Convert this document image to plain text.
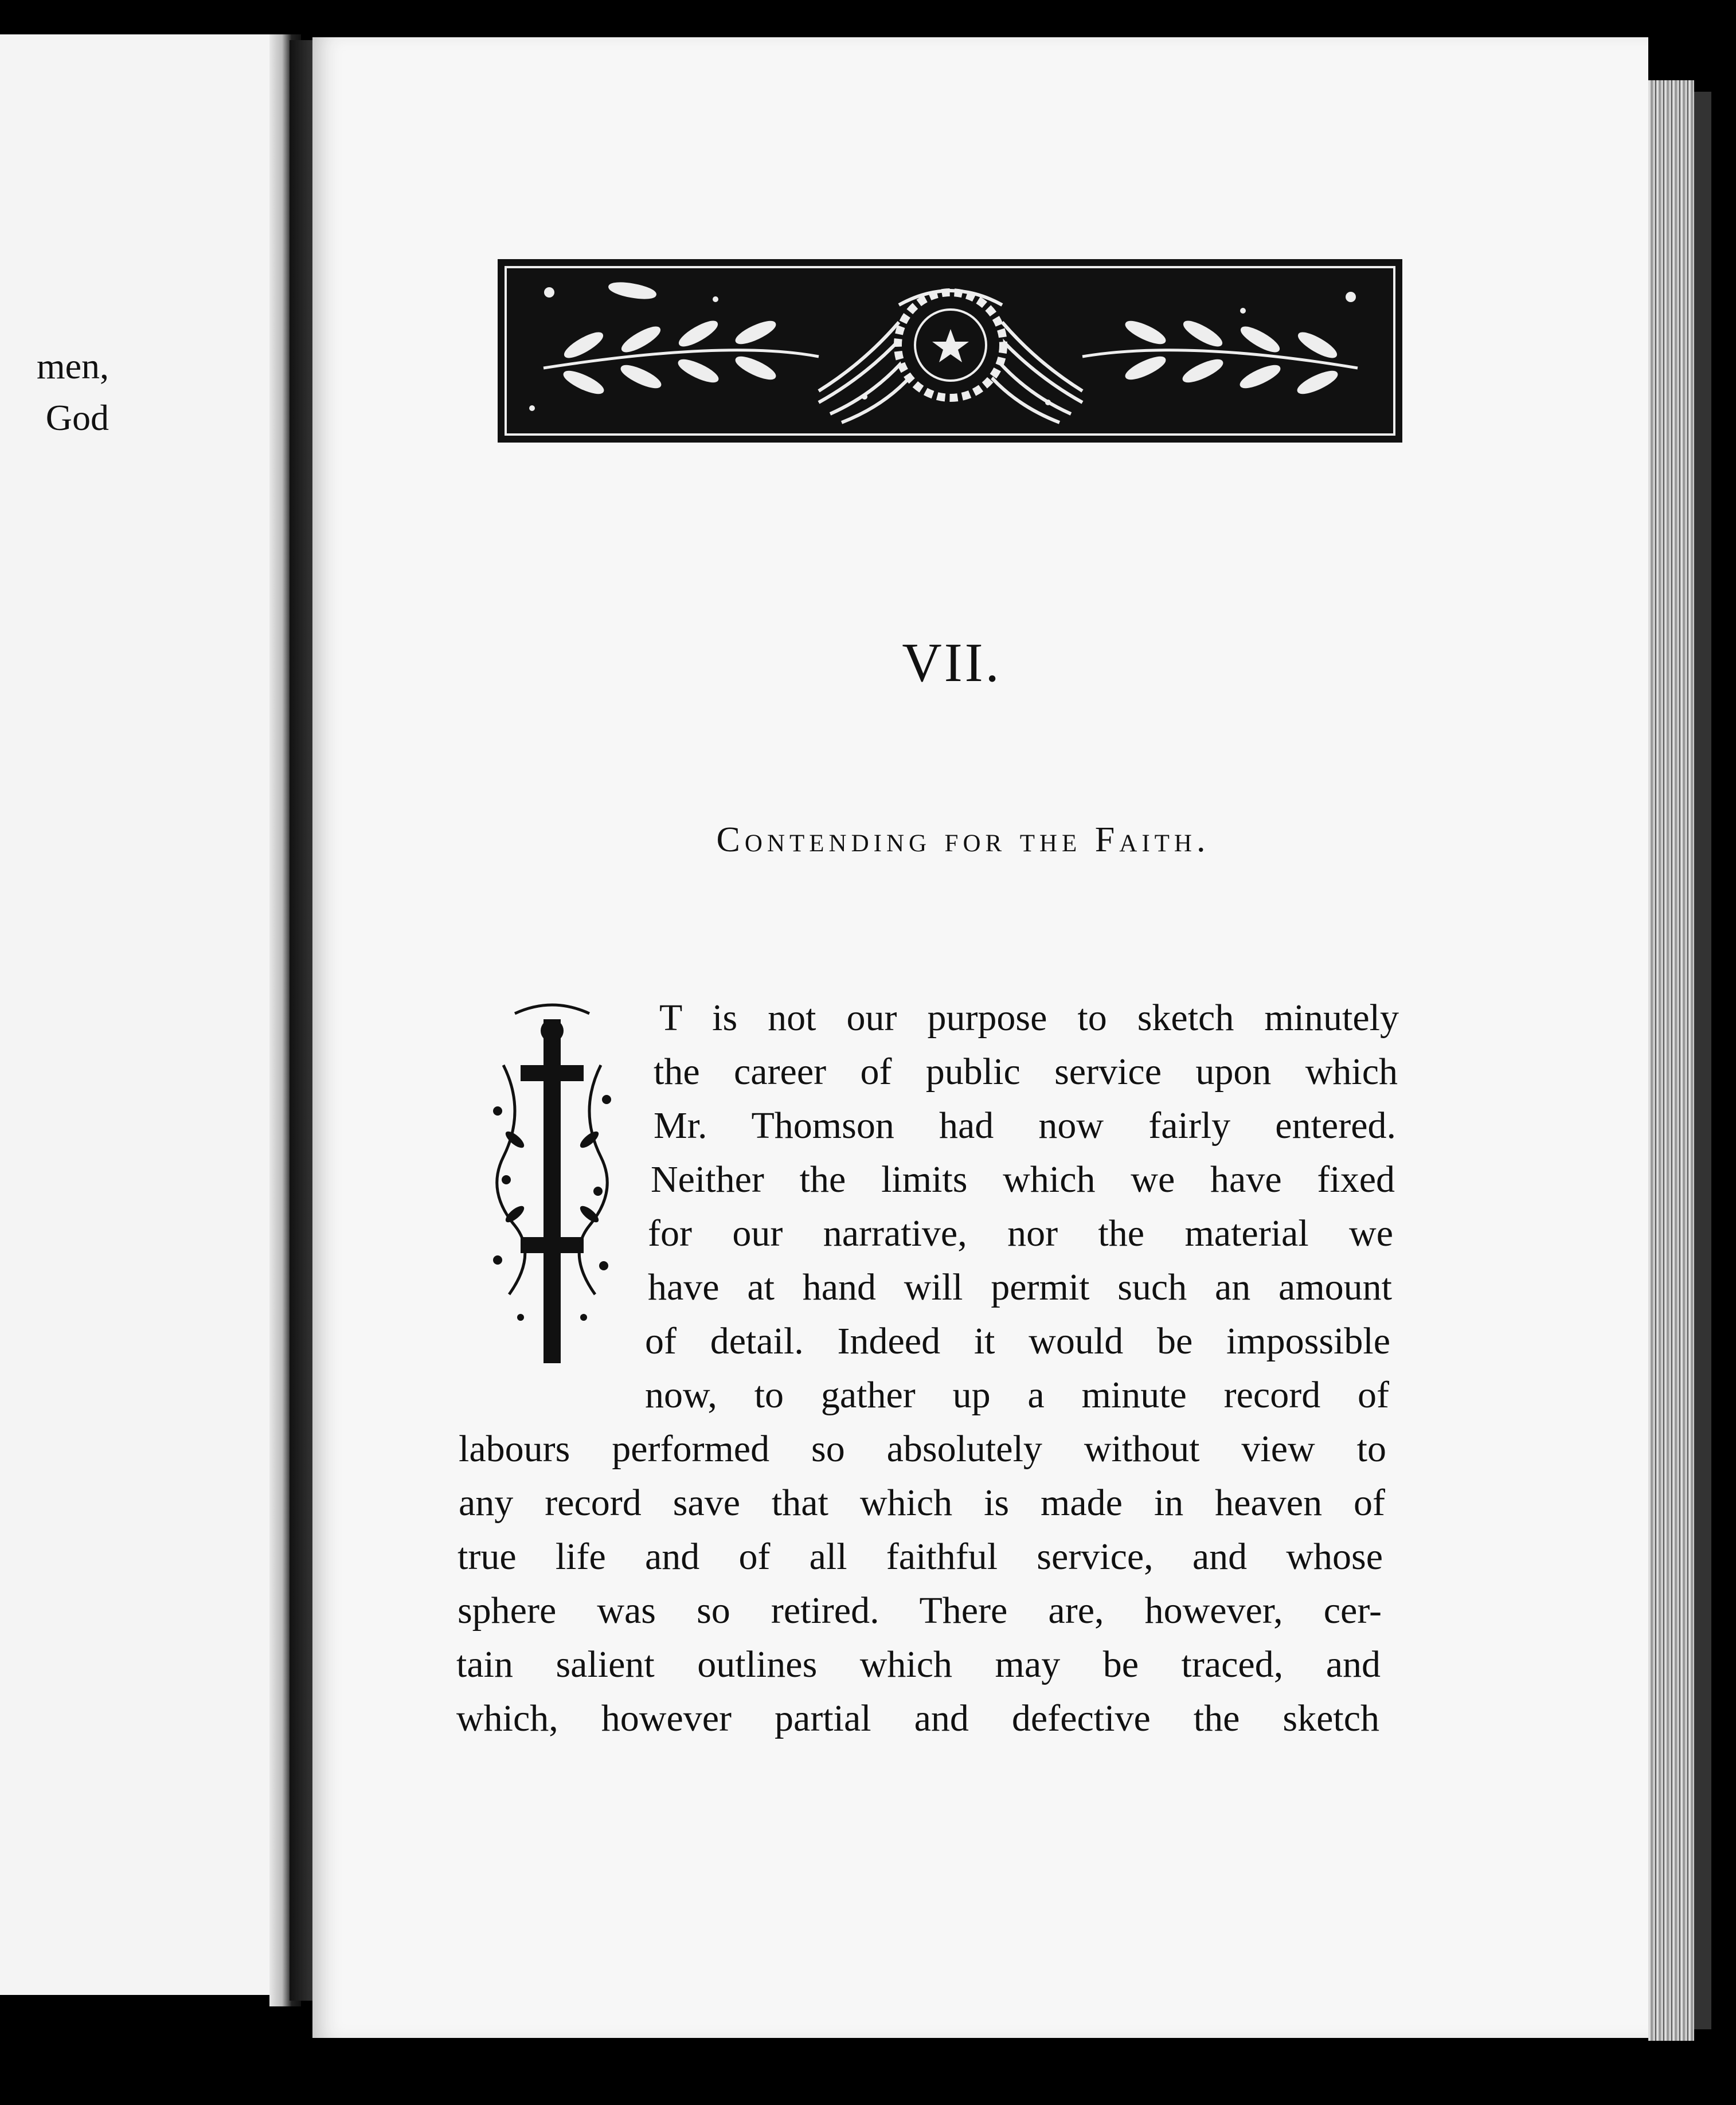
men,
God
VII.
Contending for the Faith.
T is not our purpose to sketch minutely
the career of public service upon which
Mr. Thomson had now fairly entered.
Neither the limits which we have fixed
for our narrative, nor the material we
have at hand will permit such an amount
of detail. Indeed it would be impossible
now, to gather up a minute record of
labours performed so absolutely without view to
any record save that which is made in heaven of
true life and of all faithful service, and whose
sphere was so retired. There are, however, cer-
tain salient outlines which may be traced, and
which, however partial and defective the sketch
